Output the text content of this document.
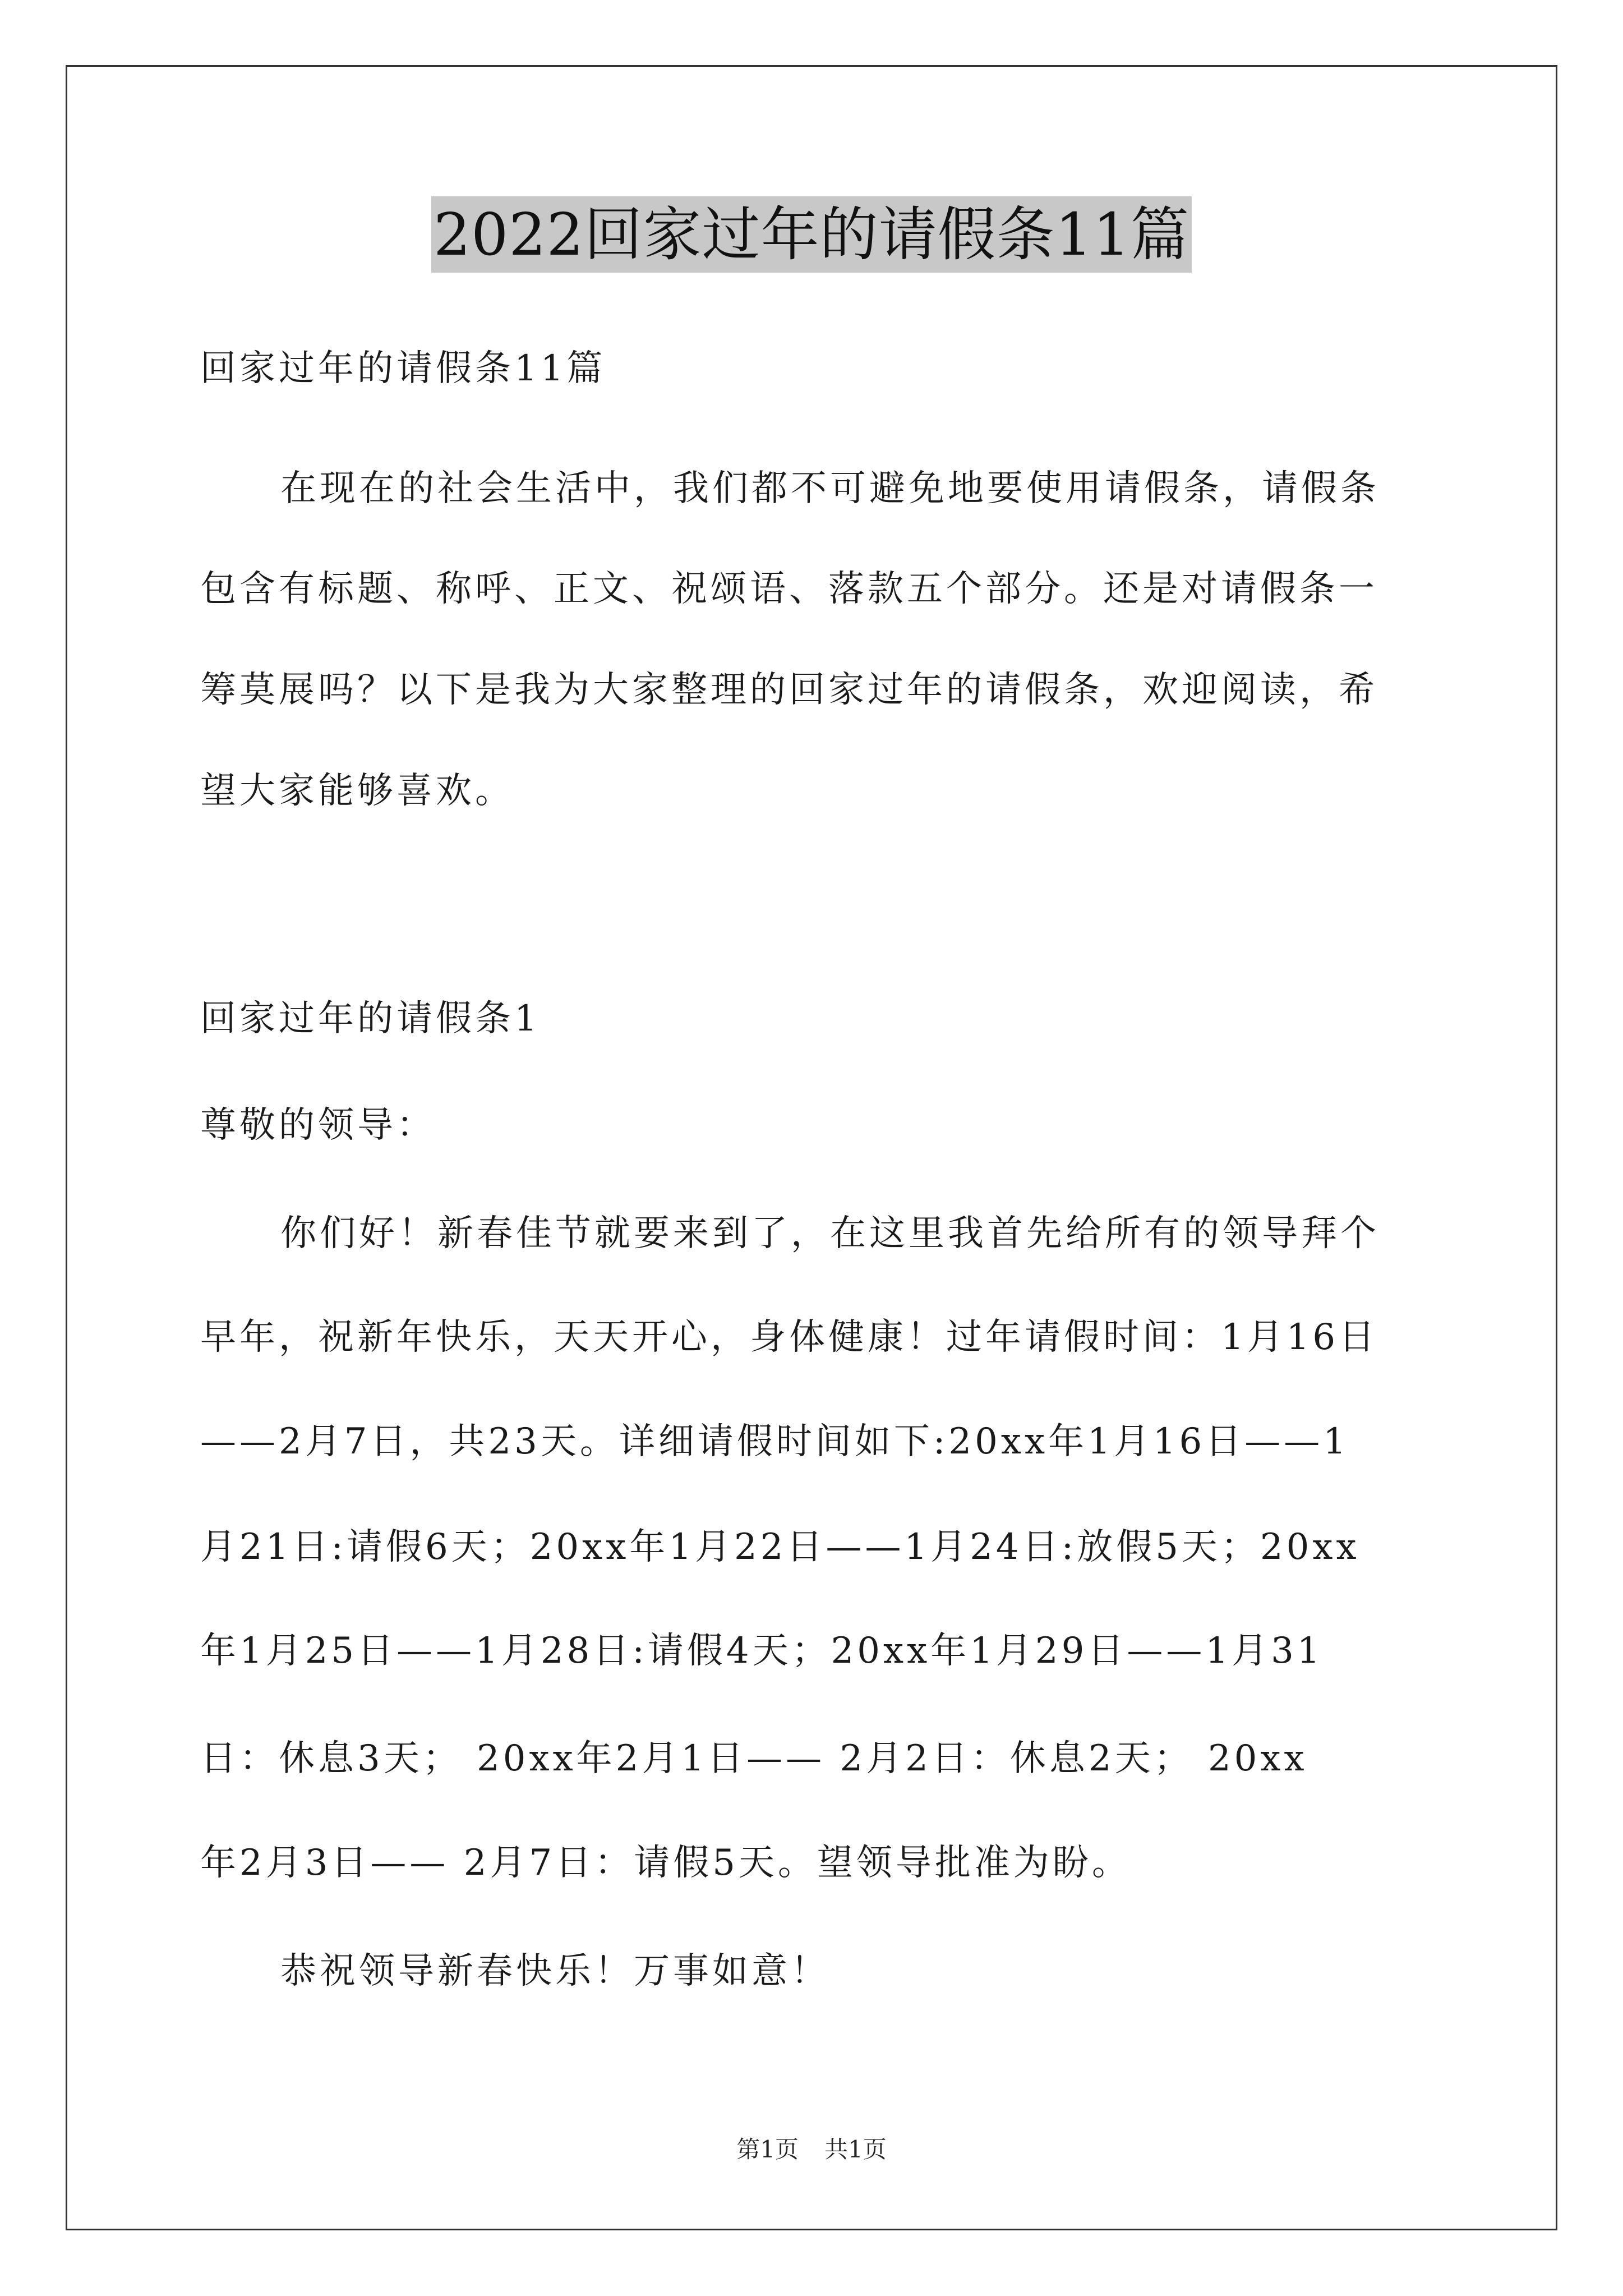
2022回家过年的请假条11篇
回家过年的请假条11篇
在现在的社会生活中，我们都不可避免地要使用请假条，请假条
包含有标题、称呼、正文、祝颂语、落款五个部分。还是对请假条一
筹莫展吗？以下是我为大家整理的回家过年的请假条，欢迎阅读，希
望大家能够喜欢。
回家过年的请假条1
尊敬的领导：
你们好！新春佳节就要来到了，在这里我首先给所有的领导拜个
早年，祝新年快乐，天天开心，身体健康！过年请假时间：1月16日
——2月7日，共23天。详细请假时间如下:20xx年1月16日——1
月21日:请假6天；20xx年1月22日——1月24日:放假5天；20xx
年1月25日——1月28日:请假4天；20xx年1月29日——1月31
日：休息3天； 20xx年2月1日—— 2月2日：休息2天； 20xx
年2月3日—— 2月7日：请假5天。望领导批准为盼。
恭祝领导新春快乐！万事如意！
第1页 共1页
